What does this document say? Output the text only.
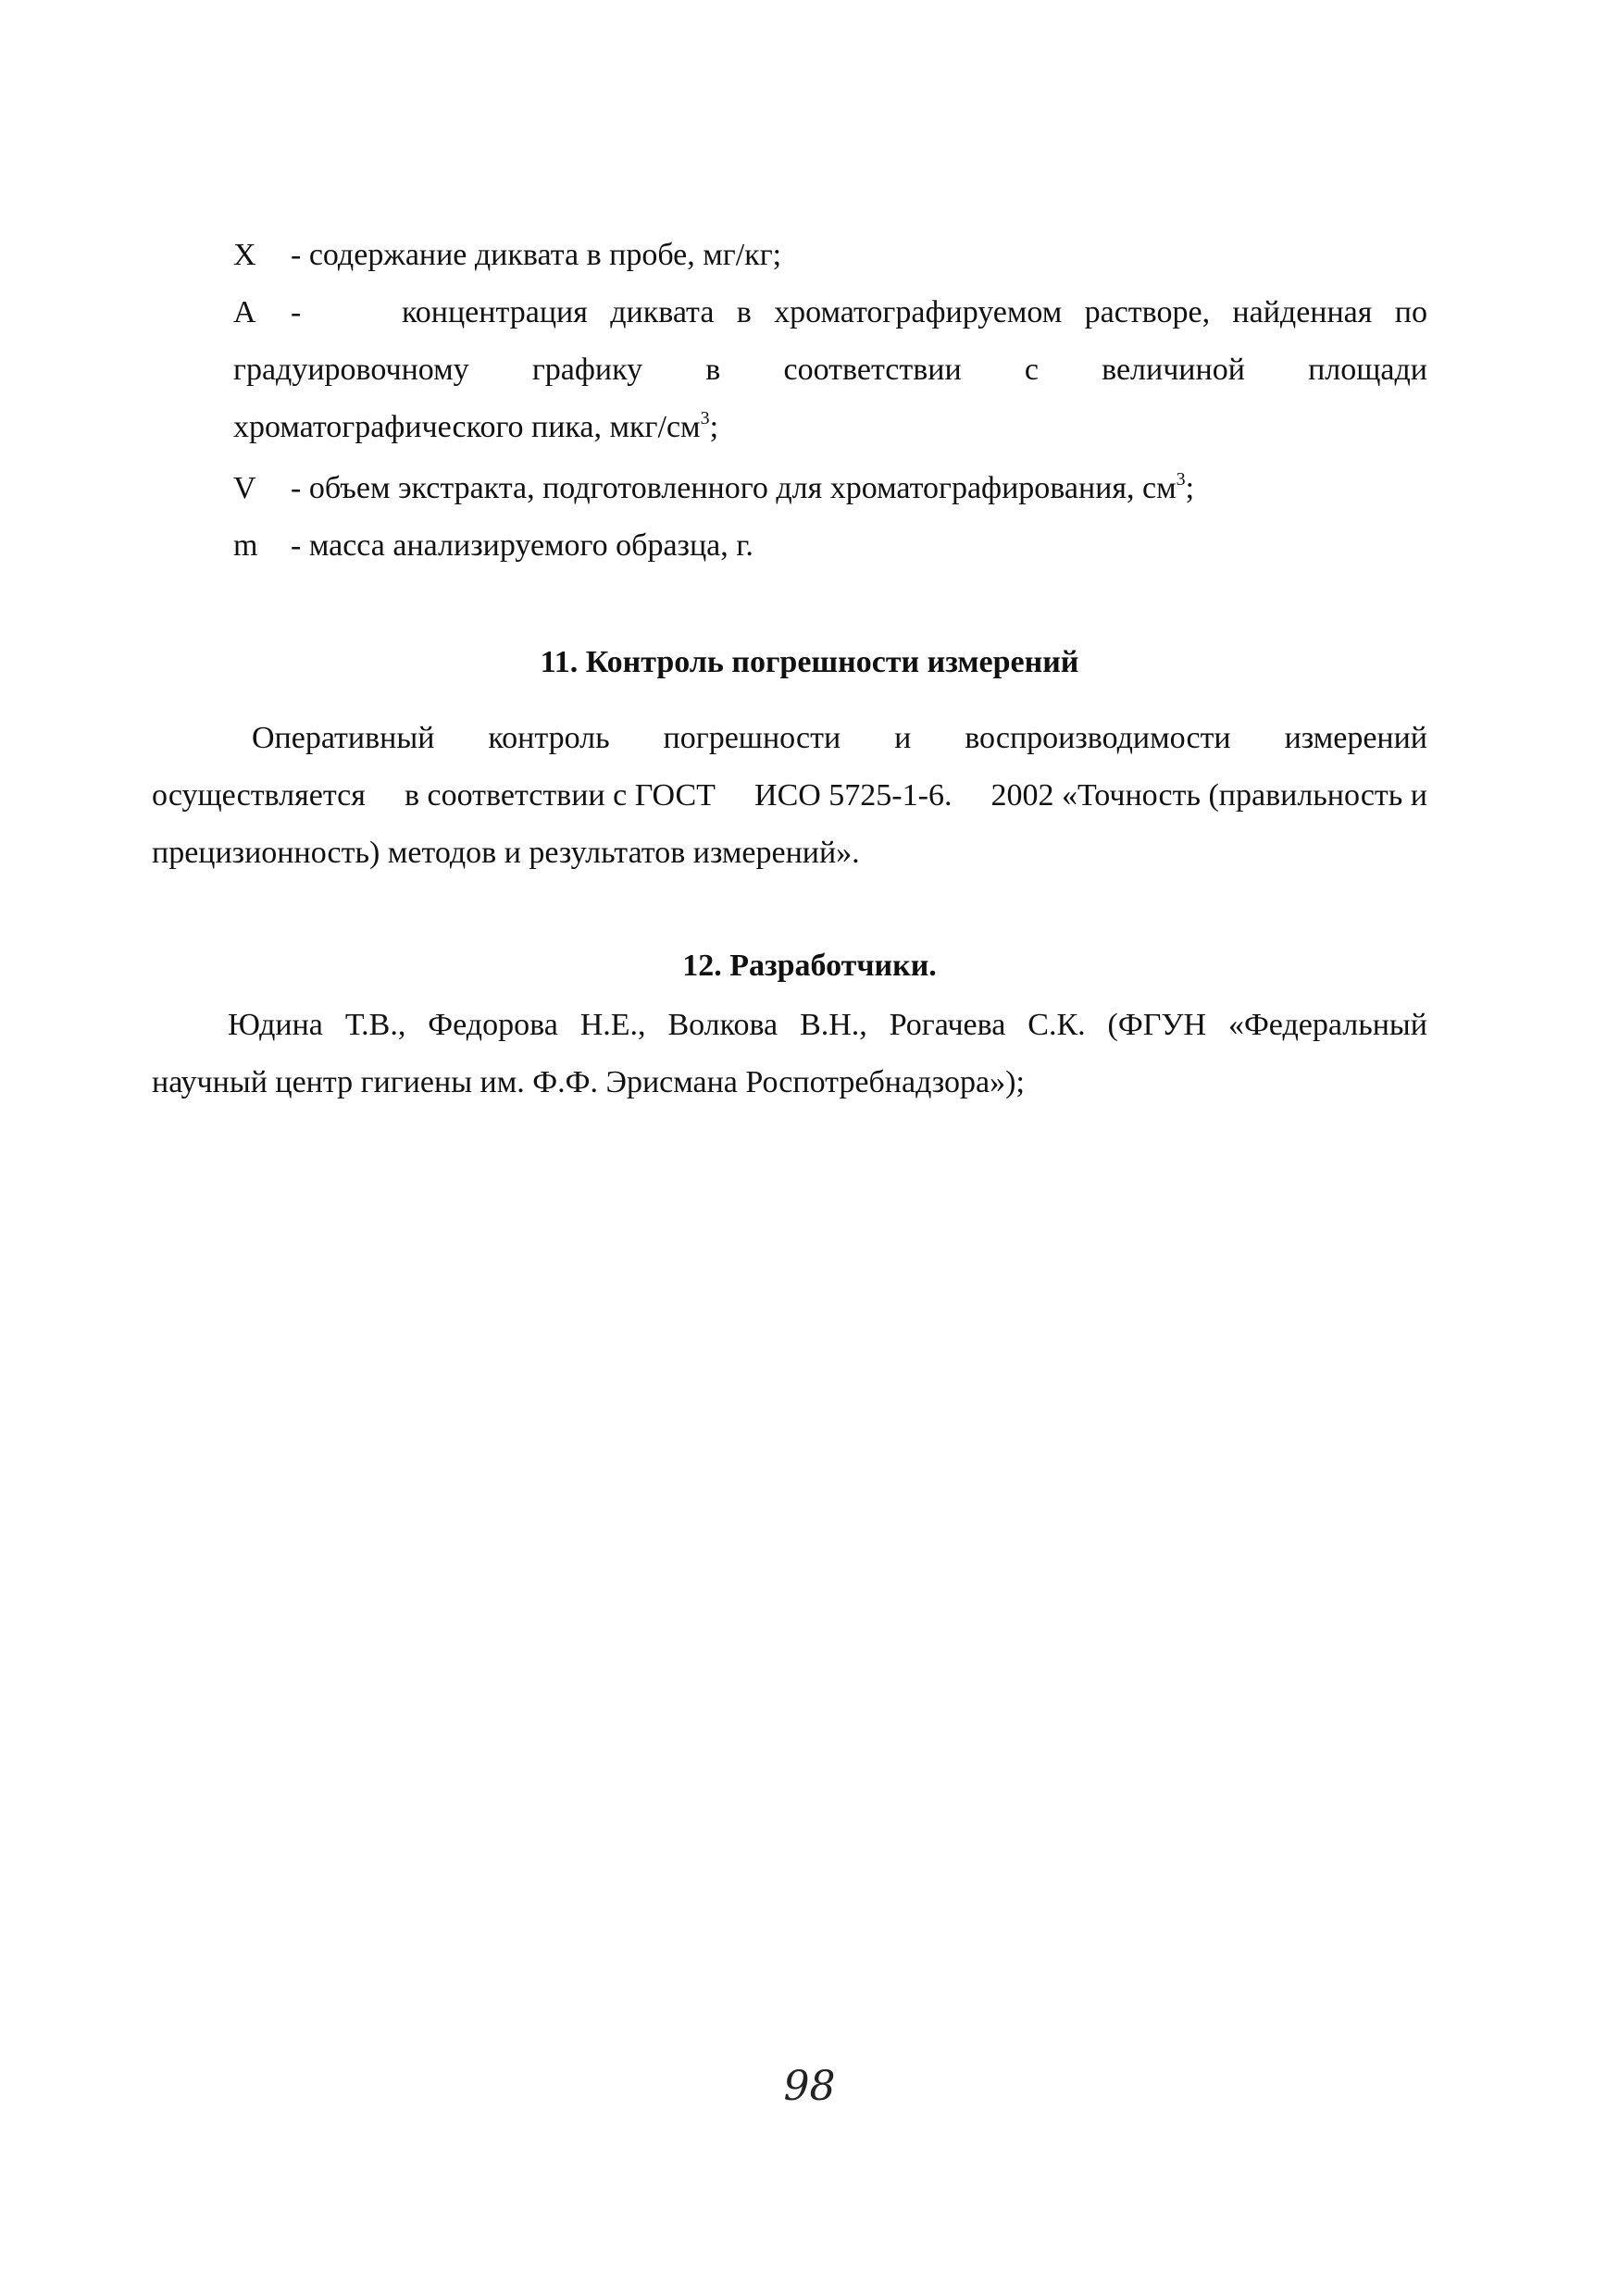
X - содержание диквата в пробе, мг/кг;
A -	концентрация диквата в хроматографируемом растворе, найденная по
градуировочному графику в соответствии с величиной площади
хроматографического пика, мкг/$см^3$;
V - объем экстракта, подготовленного для хроматографирования, $см^3$;
m - масса анализируемого образца, г.
11. Контроль погрешности измерений
Оперативный контроль погрешности и воспроизводимости измерений
осуществляется в соответствии с ГОСТ ИСО 5725-1-6. 2002 «Точность (правильность и
прецизионность) методов и результатов измерений».
12. Разработчики.
Юдина Т.В., Федорова Н.Е., Волкова В.Н., Рогачева С.К. (ФГУН «Федеральный
научный центр гигиены им. Ф.Ф. Эрисмана Роспотребнадзора»);
98
